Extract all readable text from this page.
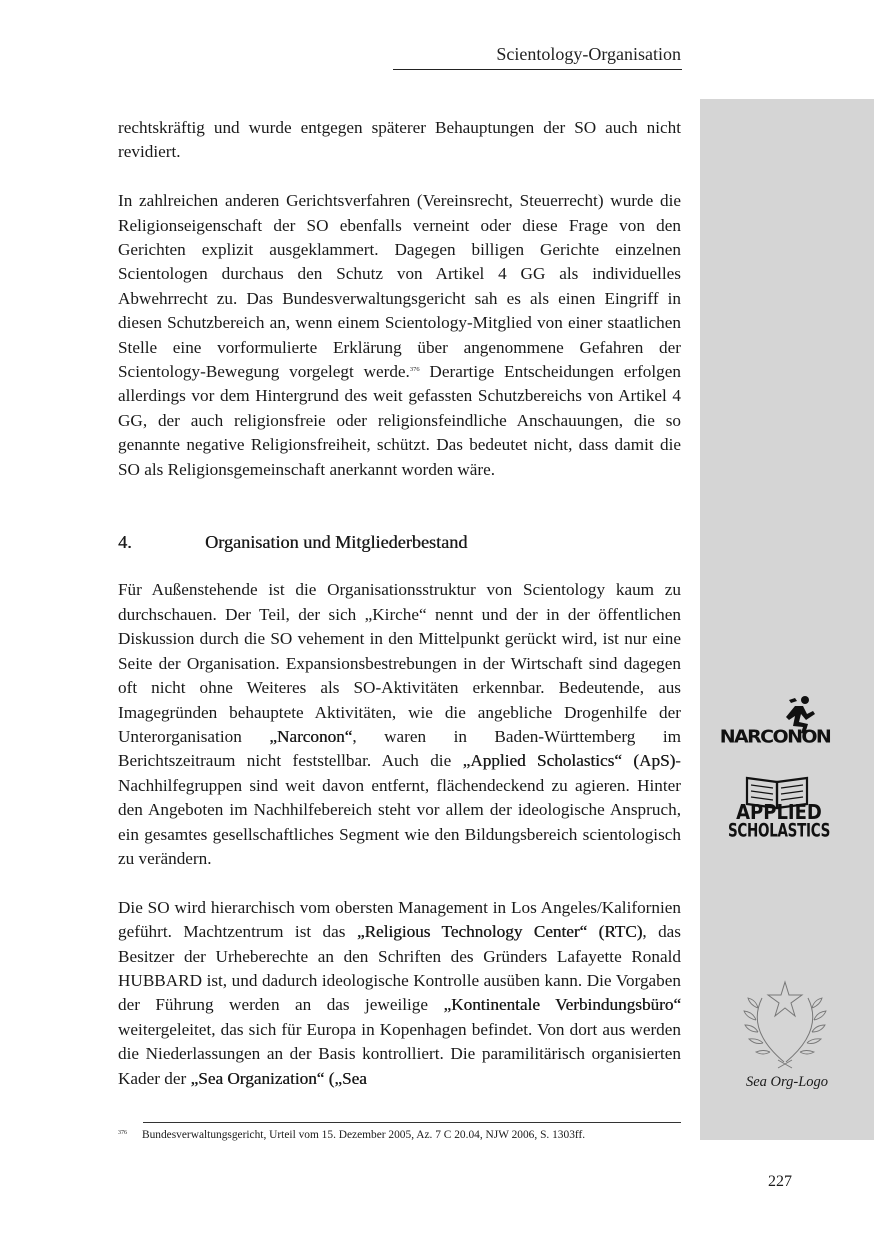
Scientology-Organisation
NARCONON
APPLIED
SCHOLASTICS
Sea Org-Logo

rechtskräftig und wurde entgegen späterer Behauptungen der SO auch nicht revidiert.

In zahlreichen anderen Gerichtsverfahren (Vereinsrecht, Steuerrecht) wurde die Religionseigenschaft der SO ebenfalls verneint oder diese Frage von den Gerichten explizit ausgeklammert. Dagegen billigen Gerichte einzelnen Scientologen durchaus den Schutz von Artikel 4 GG als individuelles Abwehrrecht zu. Das Bundesverwaltungsgericht sah es als einen Eingriff in diesen Schutzbereich an, wenn einem Scientology-Mitglied von einer staatlichen Stelle eine vorformulierte Erklärung über angenommene Gefahren der Scientology-Bewegung vorgelegt werde.$^{376}$ Derartige Entscheidungen erfolgen allerdings vor dem Hintergrund des weit gefassten Schutzbereichs von Artikel 4 GG, der auch religionsfreie oder religionsfeindliche Anschauungen, die so genannte negative Religionsfreiheit, schützt. Das bedeutet nicht, dass damit die SO als Religionsgemeinschaft anerkannt worden wäre.

4.	Organisation und Mitgliederbestand

Für Außenstehende ist die Organisationsstruktur von Scientology kaum zu durchschauen. Der Teil, der sich „Kirche“ nennt und der in der öffentlichen Diskussion durch die SO vehement in den Mittelpunkt gerückt wird, ist nur eine Seite der Organisation. Expansionsbestrebungen in der Wirtschaft sind dagegen oft nicht ohne Weiteres als SO-Aktivitäten erkennbar. Bedeutende, aus Imagegründen behauptete Aktivitäten, wie die angebliche Drogenhilfe der Unterorganisation „Narconon“, waren in Baden-Württemberg im Berichtszeitraum nicht feststellbar. Auch die „Applied Scholastics“ (ApS)-Nachhilfegruppen sind weit davon entfernt, flächendeckend zu agieren. Hinter den Angeboten im Nachhilfebereich steht vor allem der ideologische Anspruch, ein gesamtes gesellschaftliches Segment wie den Bildungsbereich scientologisch zu verändern.

Die SO wird hierarchisch vom obersten Management in Los Angeles/Kalifornien geführt. Machtzentrum ist das „Religious Technology Center“ (RTC), das Besitzer der Urheberechte an den Schriften des Gründers Lafayette Ronald HUBBARD ist, und dadurch ideologische Kontrolle ausüben kann. Die Vorgaben der Führung werden an das jeweilige „Kontinentale Verbindungsbüro“ weitergeleitet, das sich für Europa in Kopenhagen befindet. Von dort aus werden die Niederlassungen an der Basis kontrolliert. Die paramilitärisch organisierten Kader der „Sea Organization“ („Sea

376	Bundesverwaltungsgericht, Urteil vom 15. Dezember 2005, Az. 7 C 20.04, NJW 2006, S. 1303ff.
227
